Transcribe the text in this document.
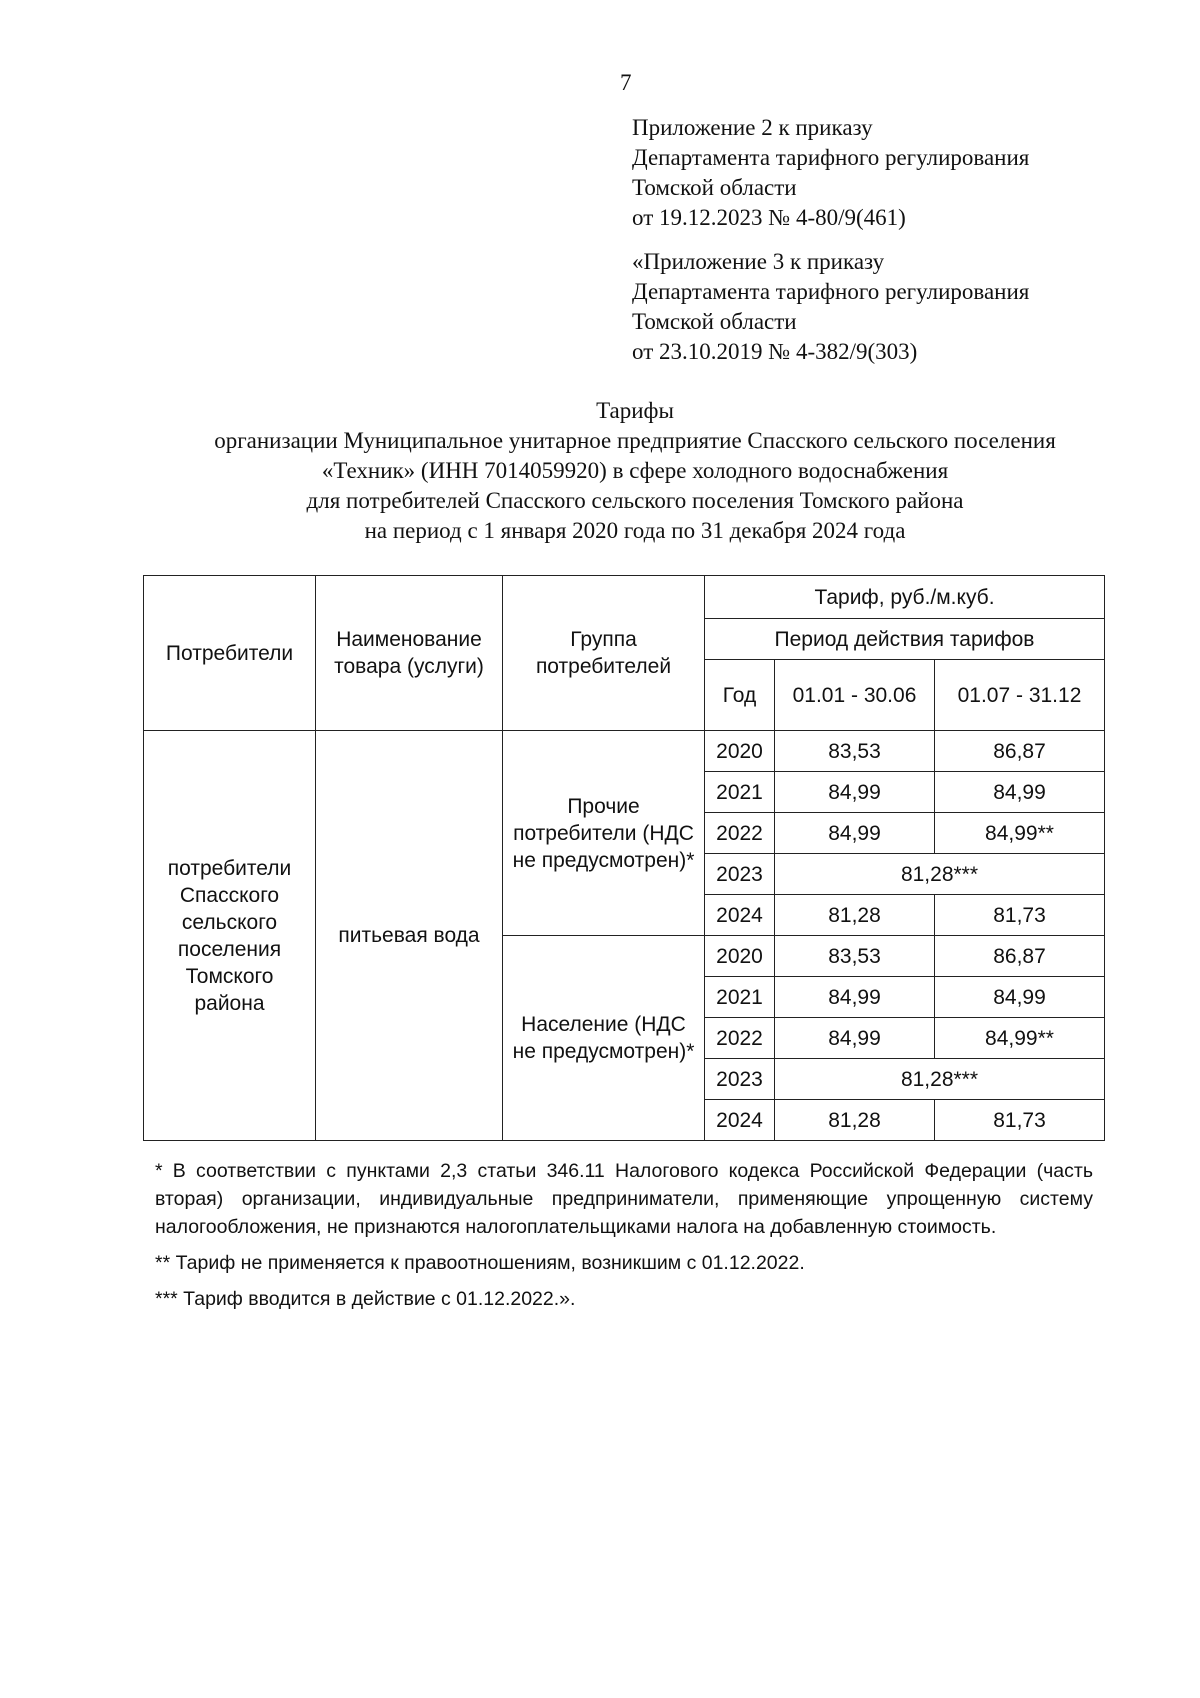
7
Приложение 2 к приказу
Департамента тарифного регулирования
Томской области
от 19.12.2023 № 4-80/9(461)
«Приложение 3 к приказу
Департамента тарифного регулирования
Томской области
от 23.10.2019 № 4-382/9(303)
Тарифы
организации Муниципальное унитарное предприятие Спасского сельского поселения
«Техник» (ИНН 7014059920) в сфере холодного водоснабжения
для потребителей Спасского сельского поселения Томского района
на период с 1 января 2020 года по 31 декабря 2024 года
Потребители	Наименование товара (услуги)	Группа потребителей	Тариф, руб./м.куб.		
			Период действия тарифов		
			Год	01.01 - 30.06	01.07 - 31.12
потребители Спасского сельского поселения Томского района	питьевая вода	Прочие потребители (НДС не предусмотрен)*	2020	83,53	86,87
			2021	84,99	84,99
			2022	84,99	84,99**
			2023	81,28***	
			2024	81,28	81,73
		Население (НДС не предусмотрен)*	2020	83,53	86,87
			2021	84,99	84,99
			2022	84,99	84,99**
			2023	81,28***	
			2024	81,28	81,73
* В соответствии с пунктами 2,3 статьи 346.11 Налогового кодекса Российской Федерации (часть вторая) организации, индивидуальные предприниматели, применяющие упрощенную систему налогообложения, не признаются налогоплательщиками налога на добавленную стоимость.
** Тариф не применяется к правоотношениям, возникшим с 01.12.2022.
*** Тариф вводится в действие с 01.12.2022.».
